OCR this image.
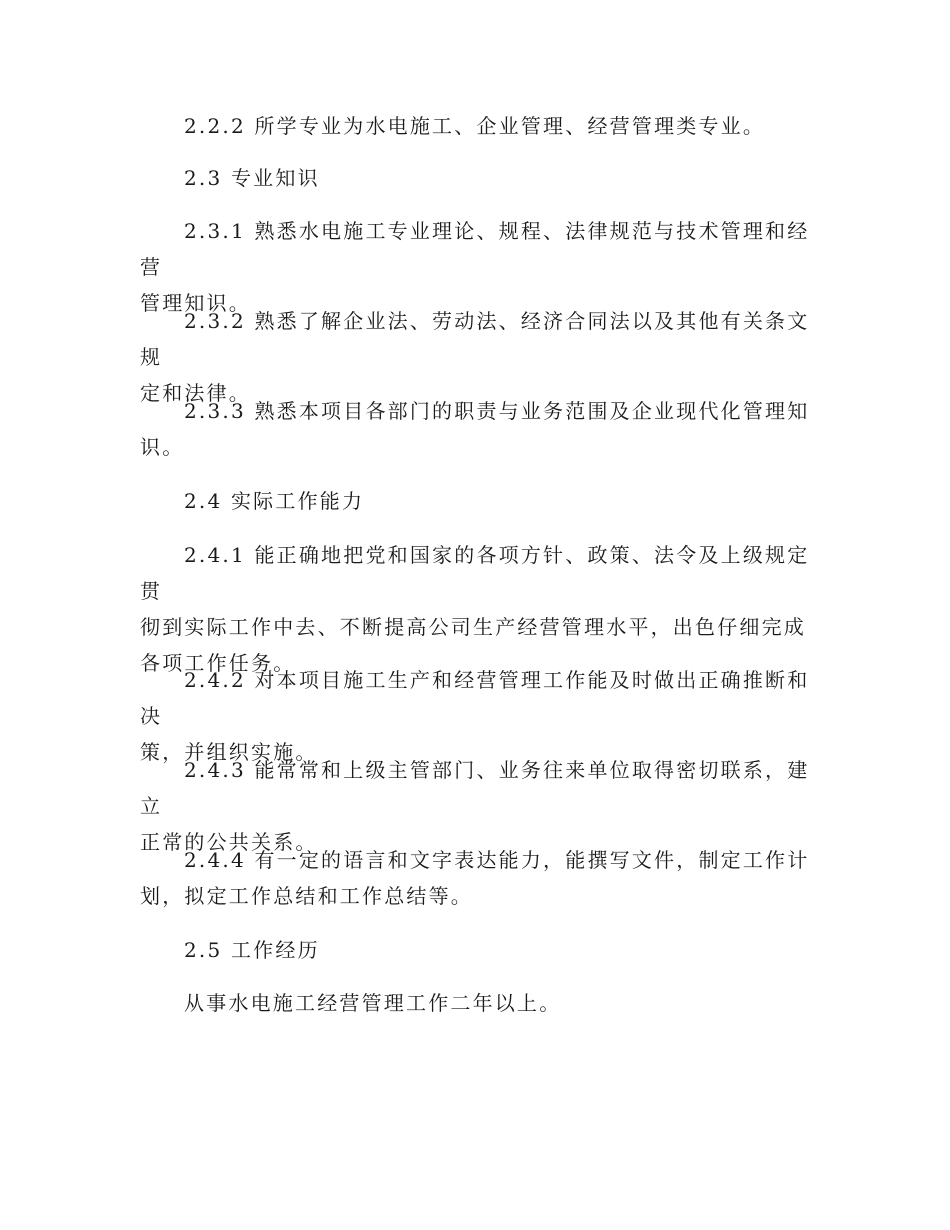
2.2.2 所学专业为水电施工、企业管理、经营管理类专业。

2.3 专业知识

2.3.1 熟悉水电施工专业理论、规程、法律规范与技术管理和经营
管理知识。

2.3.2 熟悉了解企业法、劳动法、经济合同法以及其他有关条文规
定和法律。

2.3.3 熟悉本项目各部门的职责与业务范围及企业现代化管理知
识。

2.4 实际工作能力

2.4.1 能正确地把党和国家的各项方针、政策、法令及上级规定贯
彻到实际工作中去、不断提高公司生产经营管理水平，出色仔细完成
各项工作任务。

2.4.2 对本项目施工生产和经营管理工作能及时做出正确推断和决
策，并组织实施。

2.4.3 能常常和上级主管部门、业务往来单位取得密切联系，建立
正常的公共关系。

2.4.4 有一定的语言和文字表达能力，能撰写文件，制定工作计
划，拟定工作总结和工作总结等。

2.5 工作经历

从事水电施工经营管理工作二年以上。
